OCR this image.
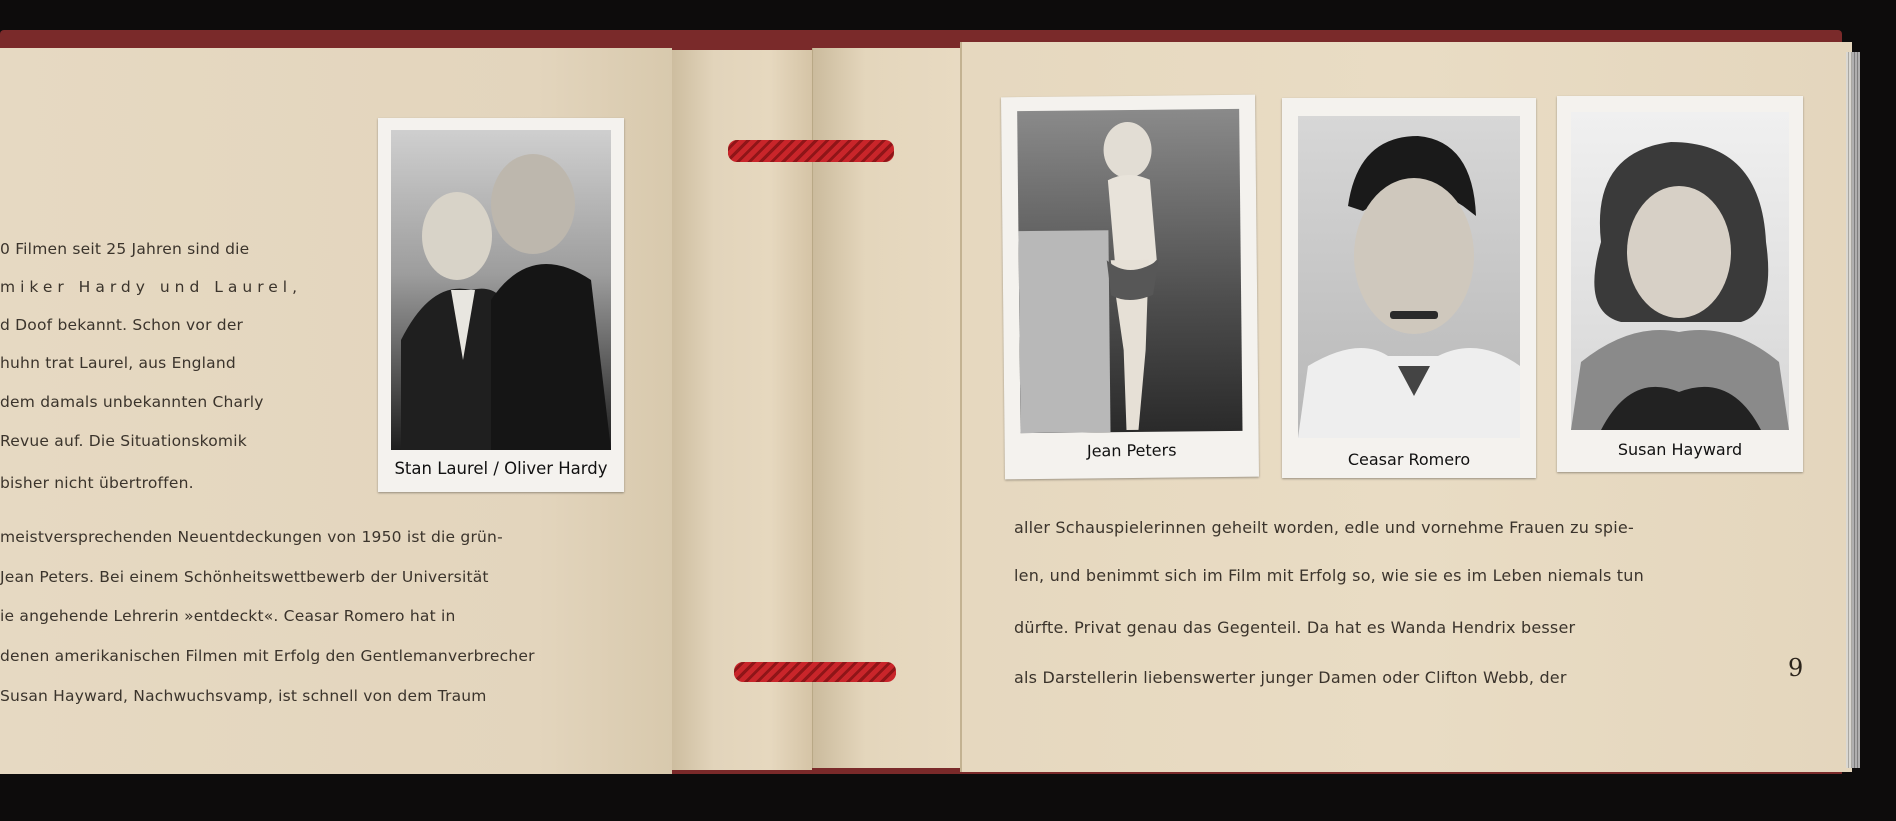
0 Filmen seit 25 Jahren sind die
miker Hardy und Laurel,
d Doof bekannt. Schon vor der
huhn trat Laurel, aus England
dem damals unbekannten Charly
Revue auf. Die Situationskomik
bisher nicht übertroffen.
meistversprechenden Neuentdeckungen von 1950 ist die grün-
Jean Peters. Bei einem Schönheitswettbewerb der Universität
ie angehende Lehrerin »entdeckt«. Ceasar Romero hat in
denen amerikanischen Filmen mit Erfolg den Gentlemanverbrecher
Susan Hayward, Nachwuchsvamp, ist schnell von dem Traum
Stan Laurel / Oliver Hardy
Jean Peters	Ceasar Romero
Susan Hayward
aller Schauspielerinnen geheilt worden, edle und vornehme Frauen zu spie-
len, und benimmt sich im Film mit Erfolg so, wie sie es im Leben niemals tun
dürfte. Privat genau das Gegenteil. Da hat es Wanda Hendrix besser
als Darstellerin liebenswerter junger Damen oder Clifton Webb, der	9
